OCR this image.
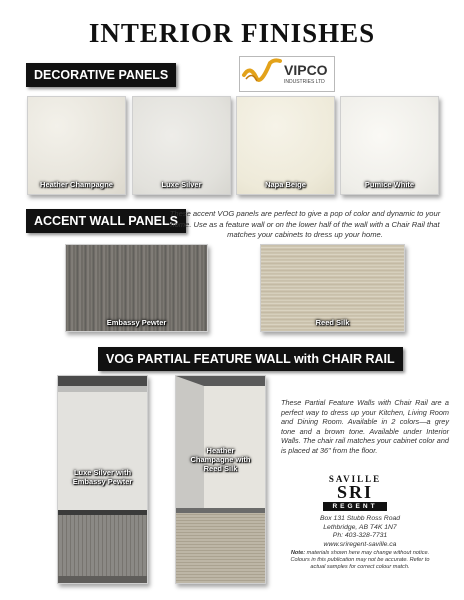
INTERIOR FINISHES
DECORATIVE PANELS	VIPCO
INDUSTRIES LTD
Heather Champagne	Luxe Silver	Napa Beige	Pumice White
ACCENT WALL PANELS
These accent VOG panels are perfect to give a pop of color and dynamic to your home. Use as a feature wall or on the lower half of the wall with a Chair Rail that matches your cabinets to dress up your home.
Embassy Pewter	Reed Silk
VOG PARTIAL FEATURE WALL with CHAIR RAIL
Luxe Silver with
Embassy Pewter
Heather
Champagne with
Reed Silk
These Partial Feature Walls with Chair Rail are a perfect way to dress up your Kitchen, Living Room and Dining Room. Available in 2 colors—a grey tone and a brown tone. Available under Interior Walls. The chair rail matches your cabinet color and is placed at 36" from the floor.
SAVILLE
SRI
REGENT
Box 131 Stubb Ross Road
Lethbridge, AB T4K 1N7
Ph: 403-328-7731
www.sriregent-saville.ca
Note: materials shown here may change without notice. Colours in this publication may not be accurate. Refer to actual samples for correct colour match.
